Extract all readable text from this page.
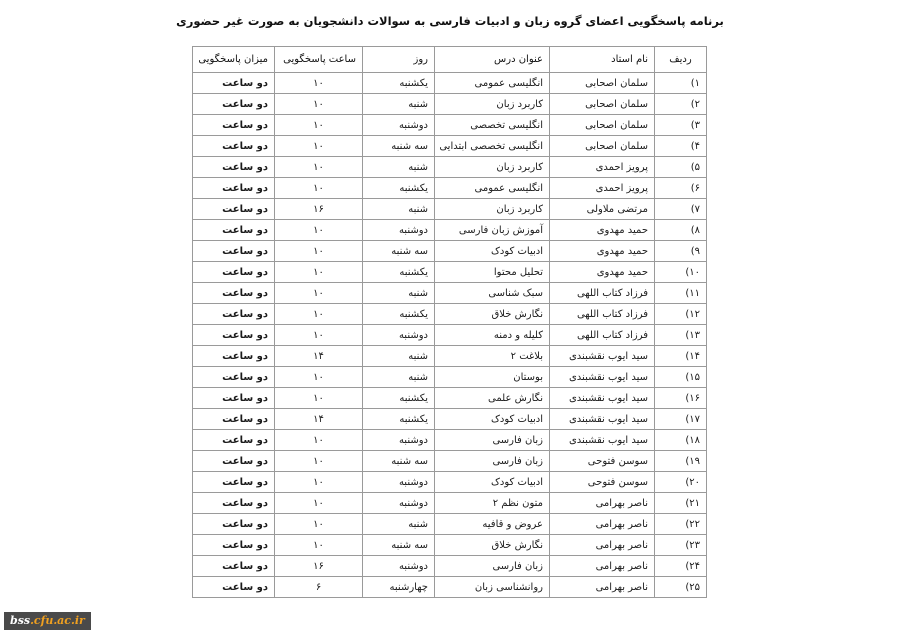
برنامه پاسخگویی اعضای گروه زبان و ادبیات فارسی به سوالات دانشجویان به صورت غیر حضوری
ردیف	نام استاد	عنوان درس	روز	ساعت پاسخگویی	میزان پاسخگویی
۱)	سلمان اصحابی	انگلیسی عمومی	یکشنبه	۱۰	دو ساعت
۲)	سلمان اصحابی	کاربرد زبان	شنبه	۱۰	دو ساعت
۳)	سلمان اصحابی	انگلیسی تخصصی	دوشنبه	۱۰	دو ساعت
۴)	سلمان اصحابی	انگلیسی تخصصی ابتدایی	سه شنبه	۱۰	دو ساعت
۵)	پرویز احمدی	کاربرد زبان	شنبه	۱۰	دو ساعت
۶)	پرویز احمدی	انگلیسی عمومی	یکشنبه	۱۰	دو ساعت
۷)	مرتضی ملاولی	کاربرد زبان	شنبه	۱۶	دو ساعت
۸)	حمید مهدوی	آموزش زبان فارسی	دوشنبه	۱۰	دو ساعت
۹)	حمید مهدوی	ادبیات کودک	سه شنبه	۱۰	دو ساعت
۱۰)	حمید مهدوی	تحلیل محتوا	یکشنبه	۱۰	دو ساعت
۱۱)	فرزاد کتاب اللهی	سبک شناسی	شنبه	۱۰	دو ساعت
۱۲)	فرزاد کتاب اللهی	نگارش خلاق	یکشنبه	۱۰	دو ساعت
۱۳)	فرزاد کتاب اللهی	کلیله و دمنه	دوشنبه	۱۰	دو ساعت
۱۴)	سید ایوب نقشبندی	بلاغت ۲	شنبه	۱۴	دو ساعت
۱۵)	سید ایوب نقشبندی	بوستان	شنبه	۱۰	دو ساعت
۱۶)	سید ایوب نقشبندی	نگارش علمی	یکشنبه	۱۰	دو ساعت
۱۷)	سید ایوب نقشبندی	ادبیات کودک	یکشنبه	۱۴	دو ساعت
۱۸)	سید ایوب نقشبندی	زبان فارسی	دوشنبه	۱۰	دو ساعت
۱۹)	سوسن فتوحی	زبان فارسی	سه شنبه	۱۰	دو ساعت
۲۰)	سوسن فتوحی	ادبیات کودک	دوشنبه	۱۰	دو ساعت
۲۱)	ناصر بهرامی	متون نظم ۲	دوشنبه	۱۰	دو ساعت
۲۲)	ناصر بهرامی	عروض و قافیه	شنبه	۱۰	دو ساعت
۲۳)	ناصر بهرامی	نگارش خلاق	سه شنبه	۱۰	دو ساعت
۲۴)	ناصر بهرامی	زبان فارسی	دوشنبه	۱۶	دو ساعت
۲۵)	ناصر بهرامی	روانشناسی زبان	چهارشنبه	۶	دو ساعت
bss.cfu.ac.ir
